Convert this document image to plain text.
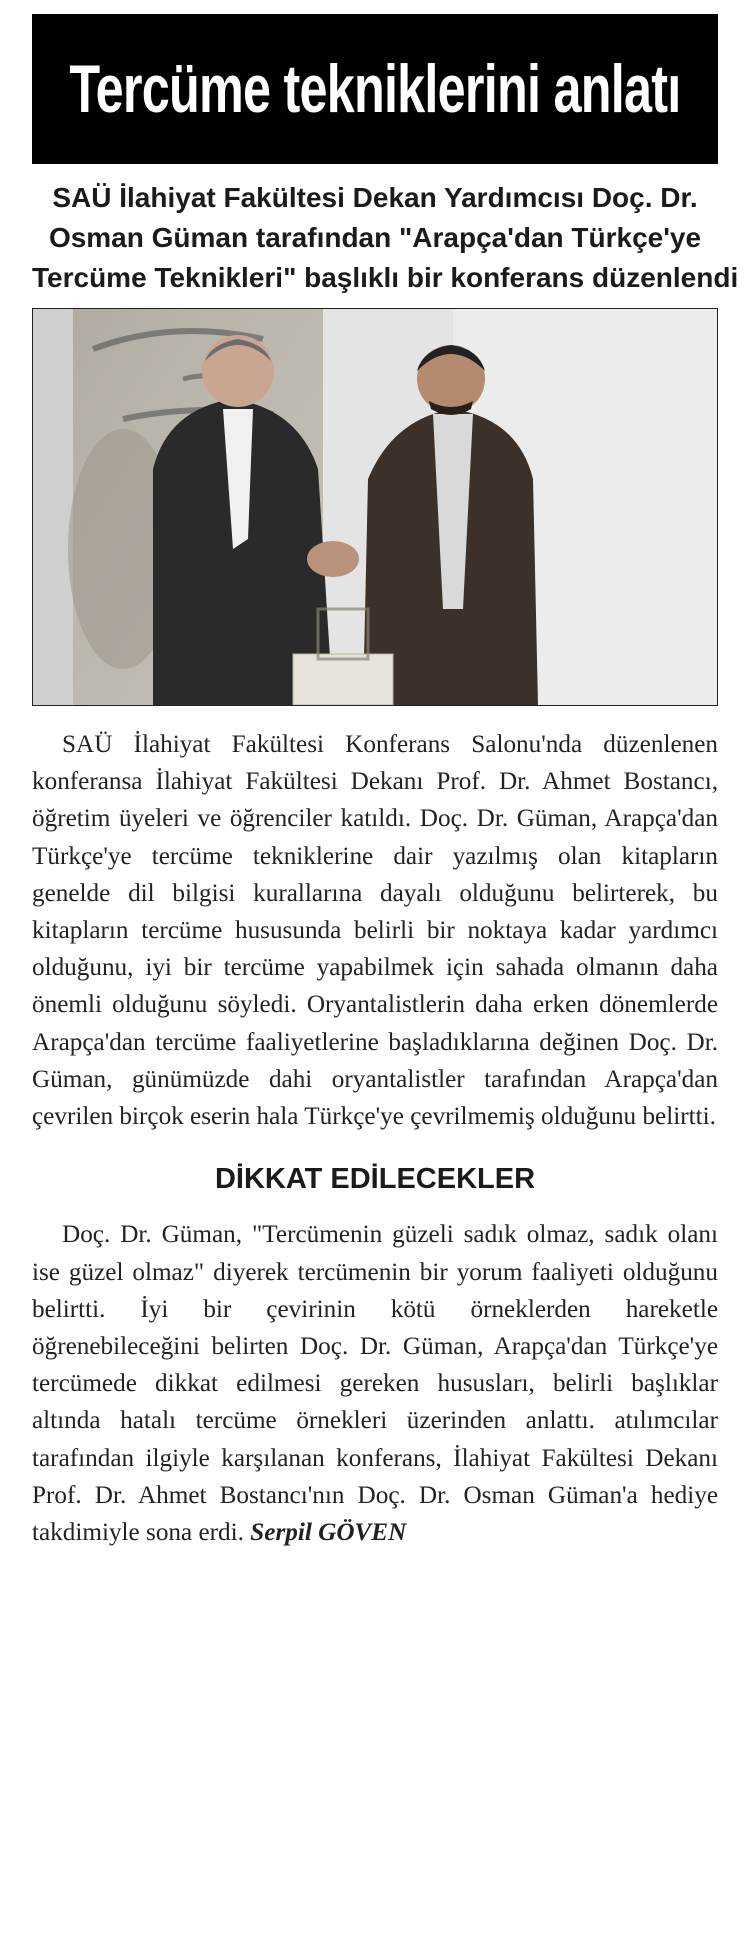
Tercüme tekniklerini anlatı
SAÜ İlahiyat Fakültesi Dekan Yardımcısı Doç. Dr.
Osman Güman tarafından "Arapça'dan Türkçe'ye
Tercüme Teknikleri" başlıklı bir konferans düzenlendi

SAÜ İlahiyat Fakültesi Konferans Salonu'nda düzenlenen konferansa İlahiyat Fakültesi Dekanı Prof. Dr. Ahmet Bostancı, öğretim üyeleri ve öğrenciler katıldı. Doç. Dr. Güman, Arapça'dan Türkçe'ye tercüme tekniklerine dair yazılmış olan kitapların genelde dil bilgisi kurallarına dayalı olduğunu belirterek, bu kitapların tercüme hususunda belirli bir noktaya kadar yardımcı olduğunu, iyi bir tercüme yapabilmek için sahada olmanın daha önemli olduğunu söyledi. Oryantalistlerin daha erken dönemlerde Arapça'dan tercüme faaliyetlerine başladıklarına değinen Doç. Dr. Güman, günümüzde dahi oryantalistler tarafından Arapça'dan çevrilen birçok eserin hala Türkçe'ye çevrilmemiş olduğunu belirtti.

DİKKAT EDİLECEKLER

Doç. Dr. Güman, "Tercümenin güzeli sadık olmaz, sadık olanı ise güzel olmaz" diyerek tercümenin bir yorum faaliyeti olduğunu belirtti. İyi bir çevirinin kötü örneklerden hareketle öğrenebileceğini belirten Doç. Dr. Güman, Arapça'dan Türkçe'ye tercümede dikkat edilmesi gereken hususları, belirli başlıklar altında hatalı tercüme örnekleri üzerinden anlattı. atılımcılar tarafından ilgiyle karşılanan konferans, İlahiyat Fakültesi Dekanı Prof. Dr. Ahmet Bostancı'nın Doç. Dr. Osman Güman'a hediye takdimiyle sona erdi. Serpil GÖVEN
